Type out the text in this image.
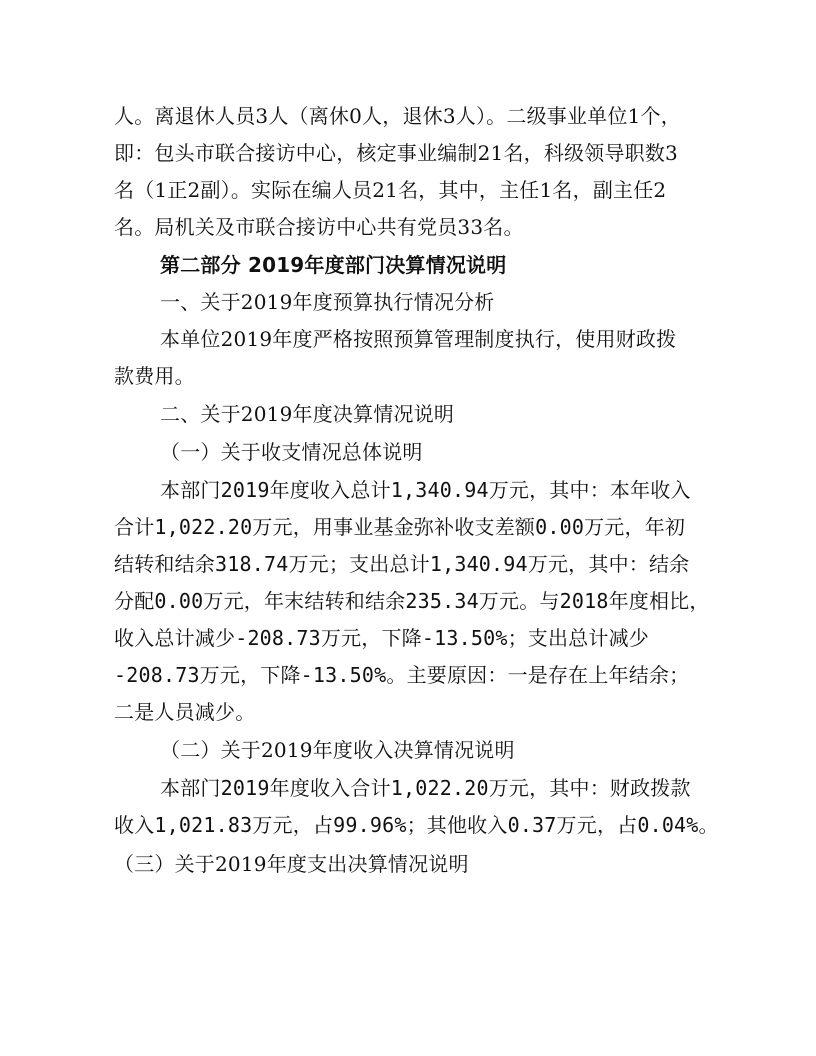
人。离退休人员3人（离休0人，退休3人）。二级事业单位1个，
即：包头市联合接访中心，核定事业编制21名，科级领导职数3
名（1正2副）。实际在编人员21名，其中，主任1名，副主任2
名。局机关及市联合接访中心共有党员33名。
第二部分 2019年度部门决算情况说明
一、关于2019年度预算执行情况分析
本单位2019年度严格按照预算管理制度执行，使用财政拨
款费用。
二、关于2019年度决算情况说明
（一）关于收支情况总体说明
本部门2019年度收入总计1,340.94万元，其中：本年收入
合计1,022.20万元，用事业基金弥补收支差额0.00万元，年初
结转和结余318.74万元；支出总计1,340.94万元，其中：结余
分配0.00万元，年末结转和结余235.34万元。与2018年度相比，
收入总计减少-208.73万元，下降-13.50%；支出总计减少
-208.73万元，下降-13.50%。主要原因：一是存在上年结余；
二是人员减少。
（二）关于2019年度收入决算情况说明
本部门2019年度收入合计1,022.20万元，其中：财政拨款
收入1,021.83万元，占99.96%；其他收入0.37万元，占0.04%。
（三）关于2019年度支出决算情况说明
